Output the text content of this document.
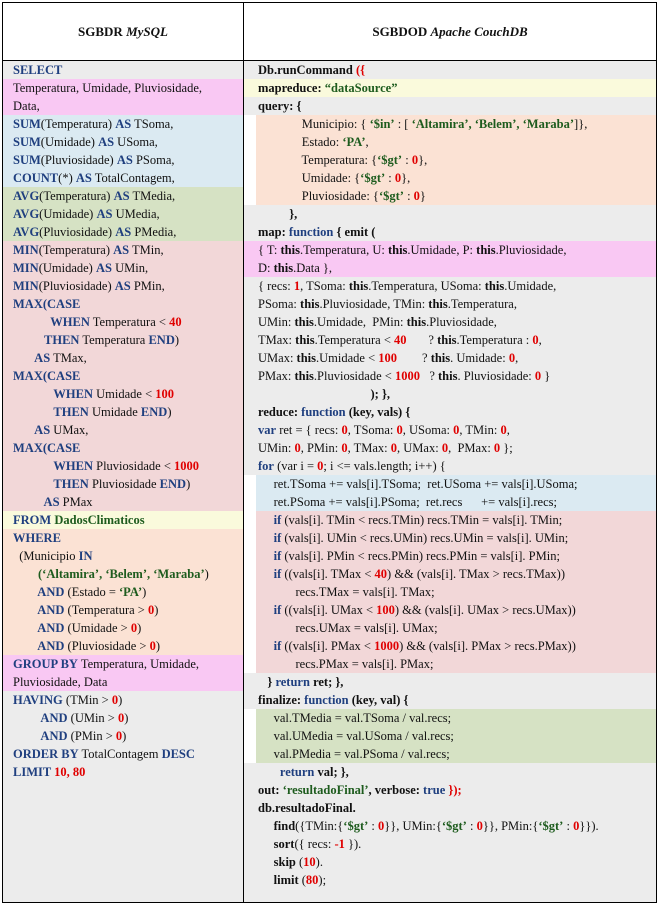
SGBDR
MySQL	SGBDOD
Apache CouchDB
SELECT
Temperatura, Umidade, Pluviosidade,
Data,
SUM(Temperatura) AS TSoma,
SUM(Umidade) AS USoma,
SUM(Pluviosidade) AS PSoma,
COUNT(*) AS TotalContagem,
AVG(Temperatura) AS TMedia,
AVG(Umidade) AS UMedia,
AVG(Pluviosidade) AS PMedia,
MIN(Temperatura) AS TMin,
MIN(Umidade) AS UMin,
MIN(Pluviosidade) AS PMin,
MAX(CASE
WHEN Temperatura < 40
THEN Temperatura END)
AS TMax,
MAX(CASE
WHEN Umidade < 100
THEN Umidade END)
AS UMax,
MAX(CASE
WHEN Pluviosidade < 1000
THEN Pluviosidade END)
AS PMax
FROM DadosClimaticos
WHERE
(Municipio IN
(‘Altamira’, ‘Belem’, ‘Maraba’)
AND (Estado = ‘PA’)
AND (Temperatura > 0)
AND (Umidade > 0)
AND (Pluviosidade > 0)
GROUP BY Temperatura, Umidade,
Pluviosidade, Data
HAVING (TMin > 0)
AND (UMin > 0)
AND (PMin > 0)
ORDER BY TotalContagem DESC
LIMIT 10, 80
Db.runCommand ({
mapreduce: “dataSource”
query: {
Municipio: { ‘$in’ : [ ‘Altamira’, ‘Belem’, ‘Maraba’]},
Estado: ‘PA’,
Temperatura: {‘$gt’ : 0},
Umidade: {‘$gt’ : 0},
Pluviosidade: {‘$gt’ : 0}
},
map: function { emit (
{ T: this.Temperatura, U: this.Umidade, P: this.Pluviosidade,
D: this.Data },
{ recs: 1, TSoma: this.Temperatura, USoma: this.Umidade,
PSoma: this.Pluviosidade, TMin: this.Temperatura,
UMin: this.Umidade,  PMin: this.Pluviosidade,
TMax: this.Temperatura < 40       ? this.Temperatura : 0,
UMax: this.Umidade < 100        ? this. Umidade: 0,
PMax: this.Pluviosidade < 1000   ? this. Pluviosidade: 0 }
); },
reduce: function (key, vals) {
var ret = { recs: 0, TSoma: 0, USoma: 0, TMin: 0,
UMin: 0, PMin: 0, TMax: 0, UMax: 0,  PMax: 0 };
for (var i = 0; i <= vals.length; i++) {
ret.TSoma += vals[i].TSoma;  ret.USoma += vals[i].USoma;
ret.PSoma += vals[i].PSoma;  ret.recs      += vals[i].recs;
if (vals[i]. TMin < recs.TMin) recs.TMin = vals[i]. TMin;
if (vals[i]. UMin < recs.UMin) recs.UMin = vals[i]. UMin;
if (vals[i]. PMin < recs.PMin) recs.PMin = vals[i]. PMin;
if ((vals[i]. TMax < 40) && (vals[i]. TMax > recs.TMax))
recs.TMax = vals[i]. TMax;
if ((vals[i]. UMax < 100) && (vals[i]. UMax > recs.UMax))
recs.UMax = vals[i]. UMax;
if ((vals[i]. PMax < 1000) && (vals[i]. PMax > recs.PMax))
recs.PMax = vals[i]. PMax;
} return ret; },
finalize: function (key, val) {
val.TMedia = val.TSoma / val.recs;
val.UMedia = val.USoma / val.recs;
val.PMedia = val.PSoma / val.recs;
return val; },
out: ‘resultadoFinal’, verbose: true });
db.resultadoFinal.
find({TMin:{‘$gt’ : 0}}, UMin:{‘$gt’ : 0}}, PMin:{‘$gt’ : 0}}).
sort({ recs: -1 }).
skip (10).
limit (80);
